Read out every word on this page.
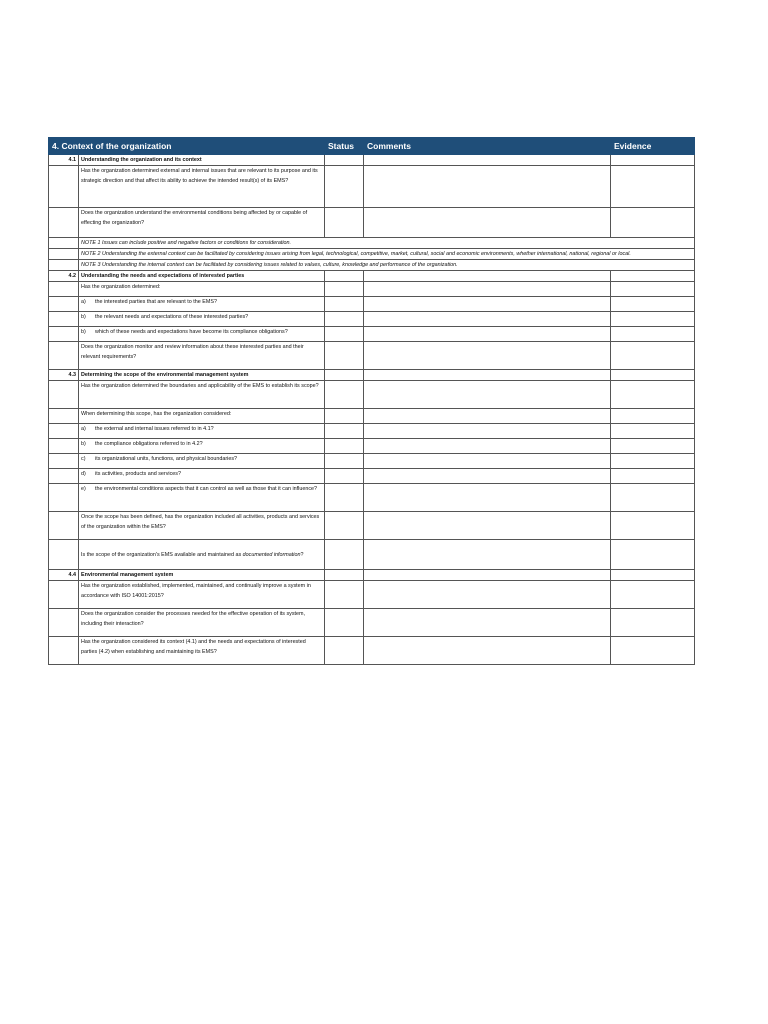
4. Context of the organization		Status	Comments	Evidence
4.1	Understanding the organization and its context			
	Has the organization determined external and internal issues that are relevant to its purpose and its strategic direction and that affect its ability to achieve the intended result(s) of its EMS?			
	Does the organization understand the environmental conditions being affected by or capable of effecting the organization?			
	NOTE 1 Issues can include positive and negative factors or conditions for consideration.			
	NOTE 2 Understanding the external context can be facilitated by considering issues arising from legal, technological, competitive, market, cultural, social and economic environments, whether international, national, regional or local.			
	NOTE 3 Understanding the internal context can be facilitated by considering issues related to values, culture, knowledge and performance of the organization.			
4.2	Understanding the needs and expectations of interested parties			
	Has the organization determined:			
	a) the interested parties that are relevant to the EMS?			
	b) the relevant needs and expectations of these interested parties?			
	b) which of these needs and expectations have become its compliance obligations?			
	Does the organization monitor and review information about these interested parties and their relevant requirements?			
4.3	Determining the scope of the environmental management system			
	Has the organization determined the boundaries and applicability of the EMS to establish its scope?			
	When determining this scope, has the organization considered:			
	a) the external and internal issues referred to in 4.1?			
	b) the compliance obligations referred to in 4.2?			
	c) its organizational units, functions, and physical boundaries?			
	d) its activities, products and services?			
	e) the environmental conditions aspects that it can control as well as those that it can influence?			
	Once the scope has been defined, has the organization included all activities, products and services of the organization within the EMS?			
	Is the scope of the organization's EMS available and maintained as documented information?			
4.4	Environmental management system			
	Has the organization established, implemented, maintained, and continually improve a system in accordance with ISO 14001:2015?			
	Does the organization consider the processes needed for the effective operation of its system, including their interaction?			
	Has the organization considered its context (4.1) and the needs and expectations of interested parties (4.2) when establishing and maintaining its EMS?			
